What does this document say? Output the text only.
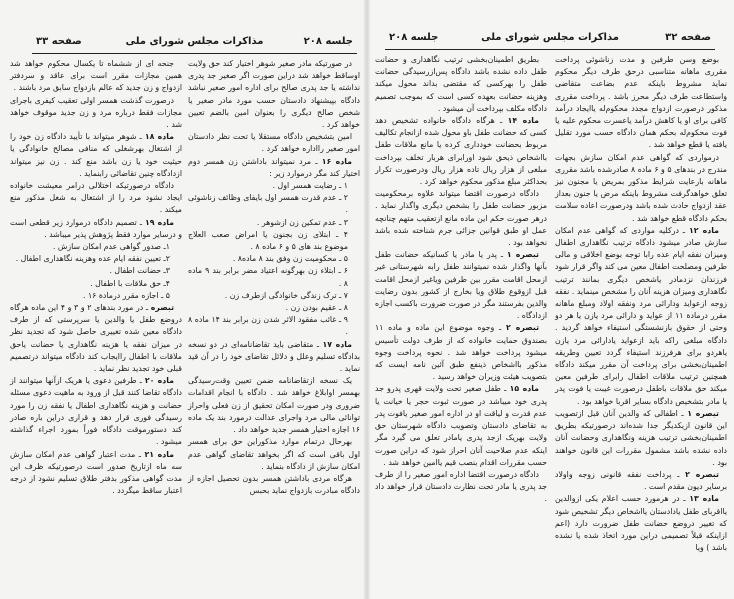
جلسه ۲۰۸
مذاکرات مجلس شورای ملی
صفحه ۳۳

در صورتیکه مادر صغیر شوهر اختیار کند حق ولایت اوساقط خواهد شد دراین صورت اگر صغیر جد پدری نداشته یا جد پدری صالح برای اداره امور صغیر نباشد دادگاه بپیشنهاد دادستان حسب مورد مادر صغیر یا شخص صالح دیگری را بعنوان امین بالضم تعیین خواهد کرد .

امین بتشخیص دادگاه مستقلا یا تحت نظر دادستان امور صغیر رااداره خواهد کرد .

ماده ۱۶ ـ مرد نمیتواند باداشتن زن همسر دوم اختیار کند مگر درموارد زیر :

۱ ـ رضایت همسر اول .

۲ ـ عدم قدرت همسر اول بایفای وظائف زناشوئی .

۳ ـ عدم تمکین زن ازشوهر .

۴ ـ ابتلای زن بجنون یا امراض صعب العلاج موضوع بند های ۵ و ۶ ماده ۸ .

۵ ـ محکومیت زن وفق بند ۸ ماده۸ .

۶ ـ ابتلاء زن بهرگونه اعتیاد مضر برابر بند ۹ ماده ۸ .

۷ ـ ترک زندگی خانوادگی ازطرف زن .

۸ ـ عقیم بودن زن .

۹ ـ غائب مفقود الاثر شدن زن برابر بند ۱۴ ماده ۸ .

ماده ۱۷ ـ متقاضی باید تقاضانامه‌ای در دو نسخه بدادگاه تسلیم وعلل و دلائل تقاضای خود را در آن قید نماید .

یک نسخه ازتقاضانامه ضمن تعیین وقت‌رسیدگی بهمسر اوابلاغ خواهد شد . دادگاه با انجام اقدامات ضروری ودر صورت امکان تحقیق از زن فعلی واحراز توانائی مالی مرد واجرای عدالت درمورد بند یک ماده ۱۶ اجازه اختیار همسر جدید خواهد داد .

بهرحال درتمام موارد مذکوراین حق برای همسر اول باقی است که اگر بخواهد تقاضای گواهی عدم امکان سازش از دادگاه بنماید .

هرگاه مردی باداشتن همسر بدون تحصیل اجازه از دادگاه مبادرت بازدواج نماید بحبس

جنحه ای از ششماه تا یکسال محکوم خواهد شد همین مجازات مقرر است برای عاقد و سردفتر ازدواج و زن جدید که عالم بازدواج سابق مرد باشند .

درصورت گذشت همسر اولی تعقیب کیفری باجرای مجازات فقط درباره مرد و زن جدید موقوف خواهد شد .

ماده ۱۸ ـ شوهر میتواند با تأیید دادگاه زن خود را از اشتغال بهرشغلی که منافی مصالح خانوادگی یا حیثیت خود یا زن باشد منع کند . زن نیز میتواند ازدادگاه چنین تقاضائی رابنماید .

دادگاه درصورتیکه اختلالی درامر معیشت خانواده ایجاد نشود مرد را از اشتغال به شغل مذکور منع میکند .

ماده ۱۹ ـ تصمیم دادگاه درموارد زیر قطعی است و درسایر موارد فقط پژوهش پذیر میباشد .

۱ـ صدور گواهی عدم امکان سازش .

۲ـ تعیین نفقه ایام عده وهزینه نگاهداری اطفال .

۳ـ حضانت اطفال .

۴ـ حق ملاقات با اطفال .

۵ ـ اجازه مقرر درمادة ۱۶ .

تبصره ـ در مورد بندهای ۲ و ۳ و ۴ این ماده هرگاه دروضع طفل یا والدین یا سرپرستی که از طرف دادگاه معین شده تغییری حاصل شود که تجدید نظر در میزان نفقه یا هزینه نگاهداری یا حضانت یاحق ملاقات با اطفال راایجاب کند دادگاه میتواند درتصمیم قبلی خود تجدید نظر نماید .

ماده ۲۰ ـ طرفین دعوی یا هریک ازآنها میتوانند از دادگاه تقاضا کنند قبل از ورود به ماهیت دعوی مسئله حضانت و هزینه نگاهداری اطفال یا نفقه زن را مورد رسیدگی فوری قرار دهد و قراری دراین باره صادر کند دستورموقت دادگاه فوراً بمورد اجراء گذاشته میشود .

ماده ۲۱ ـ مدت اعتبار گواهی عدم امکان سازش سه ماه ازتاریخ صدور است درصورتیکه ظرف این مدت گواهی مذکور بدفتر طلاق تسلیم نشود از درجه اعتبار ساقط میگردد .

صفحه ۳۲
مذاکرات مجلس شورای ملی
جلسه ۲۰۸

بوضع وسن طرفین و مدت زناشوئی پرداخت مقرری ماهانه متناسبی درحق طرف دیگر محکوم نماید مشروط باینکه عدم بضاعت متقاضی واستطاعت طرف دیگر محرز باشد . پرداخت مقرری مذکور درصورت ازدواج مجدد محکوم‌له یاایجاد درآمد کافی برای او یا کاهش درآمد یاعسرت محکوم علیه یا فوت محکوم‌له بحکم همان دادگاه حسب مورد تقلیل یافته یا قطع خواهد شد .

درمواردی که گواهی عدم امکان سازش بجهات مندرج در بندهای ۵ و ۶ ماده ۸ صادرشده باشد مقرری ماهانه بارعایت شرایط مذکور بمریض یا مجنون نیز تعلق خواهدگرفت مشروط باینکه مرض یا جنون بعداز عقد ازدواج حادث شده باشد ودرصورت اعاده سلامت بحکم دادگاه قطع خواهد شد .

ماده ۱۲ ـ درکلیه مواردی که گواهی عدم امکان سازش صادر میشود دادگاه ترتیب نگاهداری اطفال ومیزان نفقه ایام عده رابا توجه بوضع اخلاقی و مالی طرفین ومصلحت اطفال معین می کند واگر قرار شود فرزندان نزدمادر یاشخص دیگری بمانند ترتیب نگاهداری ومیزان هزینه آنان را مشخص مینماید . نفقه زوجه ازعواید ودارائی مرد ونفقه اولاد ومبلغ ماهانه مقرر درمادة ۱۱ از عواید و دارائی مرد یازن یا هر دو وحتی از حقوق بازنشستگی استیفاء خواهد گردید . دادگاه مبلغی راکه باید ازعواید یادارائی مرد یازن یاهردو برای هرفرزند استیفاء گردد تعیین وطریقه اطمینان‌بخشی برای پرداخت آن مقرر میکند دادگاه همچنین ترتیب ملاقات اطفال رابرای طرفین معین میکند حق ملاقات باطفل درصورت غیبت یا فوت پدر یا مادر بتشخیص دادگاه بسایر اقربا خواهد بود .

تبصره ۱ ـ اطفالی که والدین آنان قبل ازتصویب این قانون ازیکدیگر جدا شده‌اند درصورتیکه بطریق اطمینان‌بخشی ترتیب هزینه ونگاهداری وحضانت آنان داده نشده باشد مشمول مقررات این قانون خواهند بود .

تبصره ۲ ـ پرداخت نفقه قانونی زوجه واولاد برسایر دیون مقدم است .

ماده ۱۳ ـ در هرمورد حسب اعلام یکی ازوالدین یااقربای طفل یادادستان یااشخاص دیگر تشخیص شود که تغییر دروضع حضانت طفل ضرورت دارد (اعم ازاینکه قبلاً تصمیمی دراین مورد اتخاذ شده یا نشده باشد ) ویا

بطریق اطمینان‌بخشی ترتیب نگاهداری و حضانت طفل داده نشده باشد دادگاه پس‌ازرسیدگی حضانت طفل را بهرکسی که مقتضی بداند محول میکند وهزینه حضانت بعهده کسی است که بموجب تصمیم دادگاه مکلف بپرداخت آن میشود .

ماده ۱۴ ـ هرگاه دادگاه خانواده تشخیص دهد کسی که حضانت طفل باو محول شده ازانجام تکالیف مربوط بحضانت خودداری کرده یا مانع ملاقات طفل بااشخاص ذیحق شود اورابرای هربار تخلف بپرداخت مبلغی از هزار ریال تاده هزار ریال ودرصورت تکرار بحداکثر مبلغ مذکور محکوم خواهد کرد .

دادگاه درصورت اقتضا میتواند علاوه برمحکومیت مزبور حضانت طفل را بشخص دیگری واگذار نماید . درهر صورت حکم این ماده مانع ازتعقیب متهم چنانچه عمل او طبق قوانین جزائی جرم شناخته شده باشد نخواهد بود .

تبصره ۱ ـ پدر یا مادر یا کسانیکه حضانت طفل بآنها واگذار شده نمیتوانند طفل رابه شهرستانی غیر ازمحل اقامت مقرر بین طرفین ویاغیر ازمحل اقامت قبل ازوقوع طلاق ویا بخارج از کشور بدون رضایت والدین بفرستند مگر در صورت ضرورت باکسب اجازه ازدادگاه .

تبصره ۲ ـ وجوه موضوع این ماده و ماده ۱۱ بصندوق حمایت خانواده که از طرف دولت تأسیس میشود پرداخت خواهد شد . نحوه پرداخت وجوه مذکور بااشخاص ذینفع طبق آئین نامه ایست که بتصویب هیئت وزیران خواهد رسید .

ماده ۱۵ ـ طفل صغیر تحت ولایت قهری پدرو جد پدری خود میباشد در صورت ثبوت حجر یا خیانت یا عدم قدرت و لیاقت او در اداره امور صغیر یافوت پدر به تقاضای دادستان وتصویب دادگاه شهرستان حق ولایت بهریک ازجد پدری یامادر تعلق می گیرد مگر اینکه عدم صلاحیت آنان احراز شود که دراین صورت حسب مقررات اقدام بنصب قیم یاامین خواهد شد .

دادگاه درصورت اقتضا اداره امور صغیر را از طرف جد پدری یا مادر تحت نظارت دادستان قرار خواهد داد .
